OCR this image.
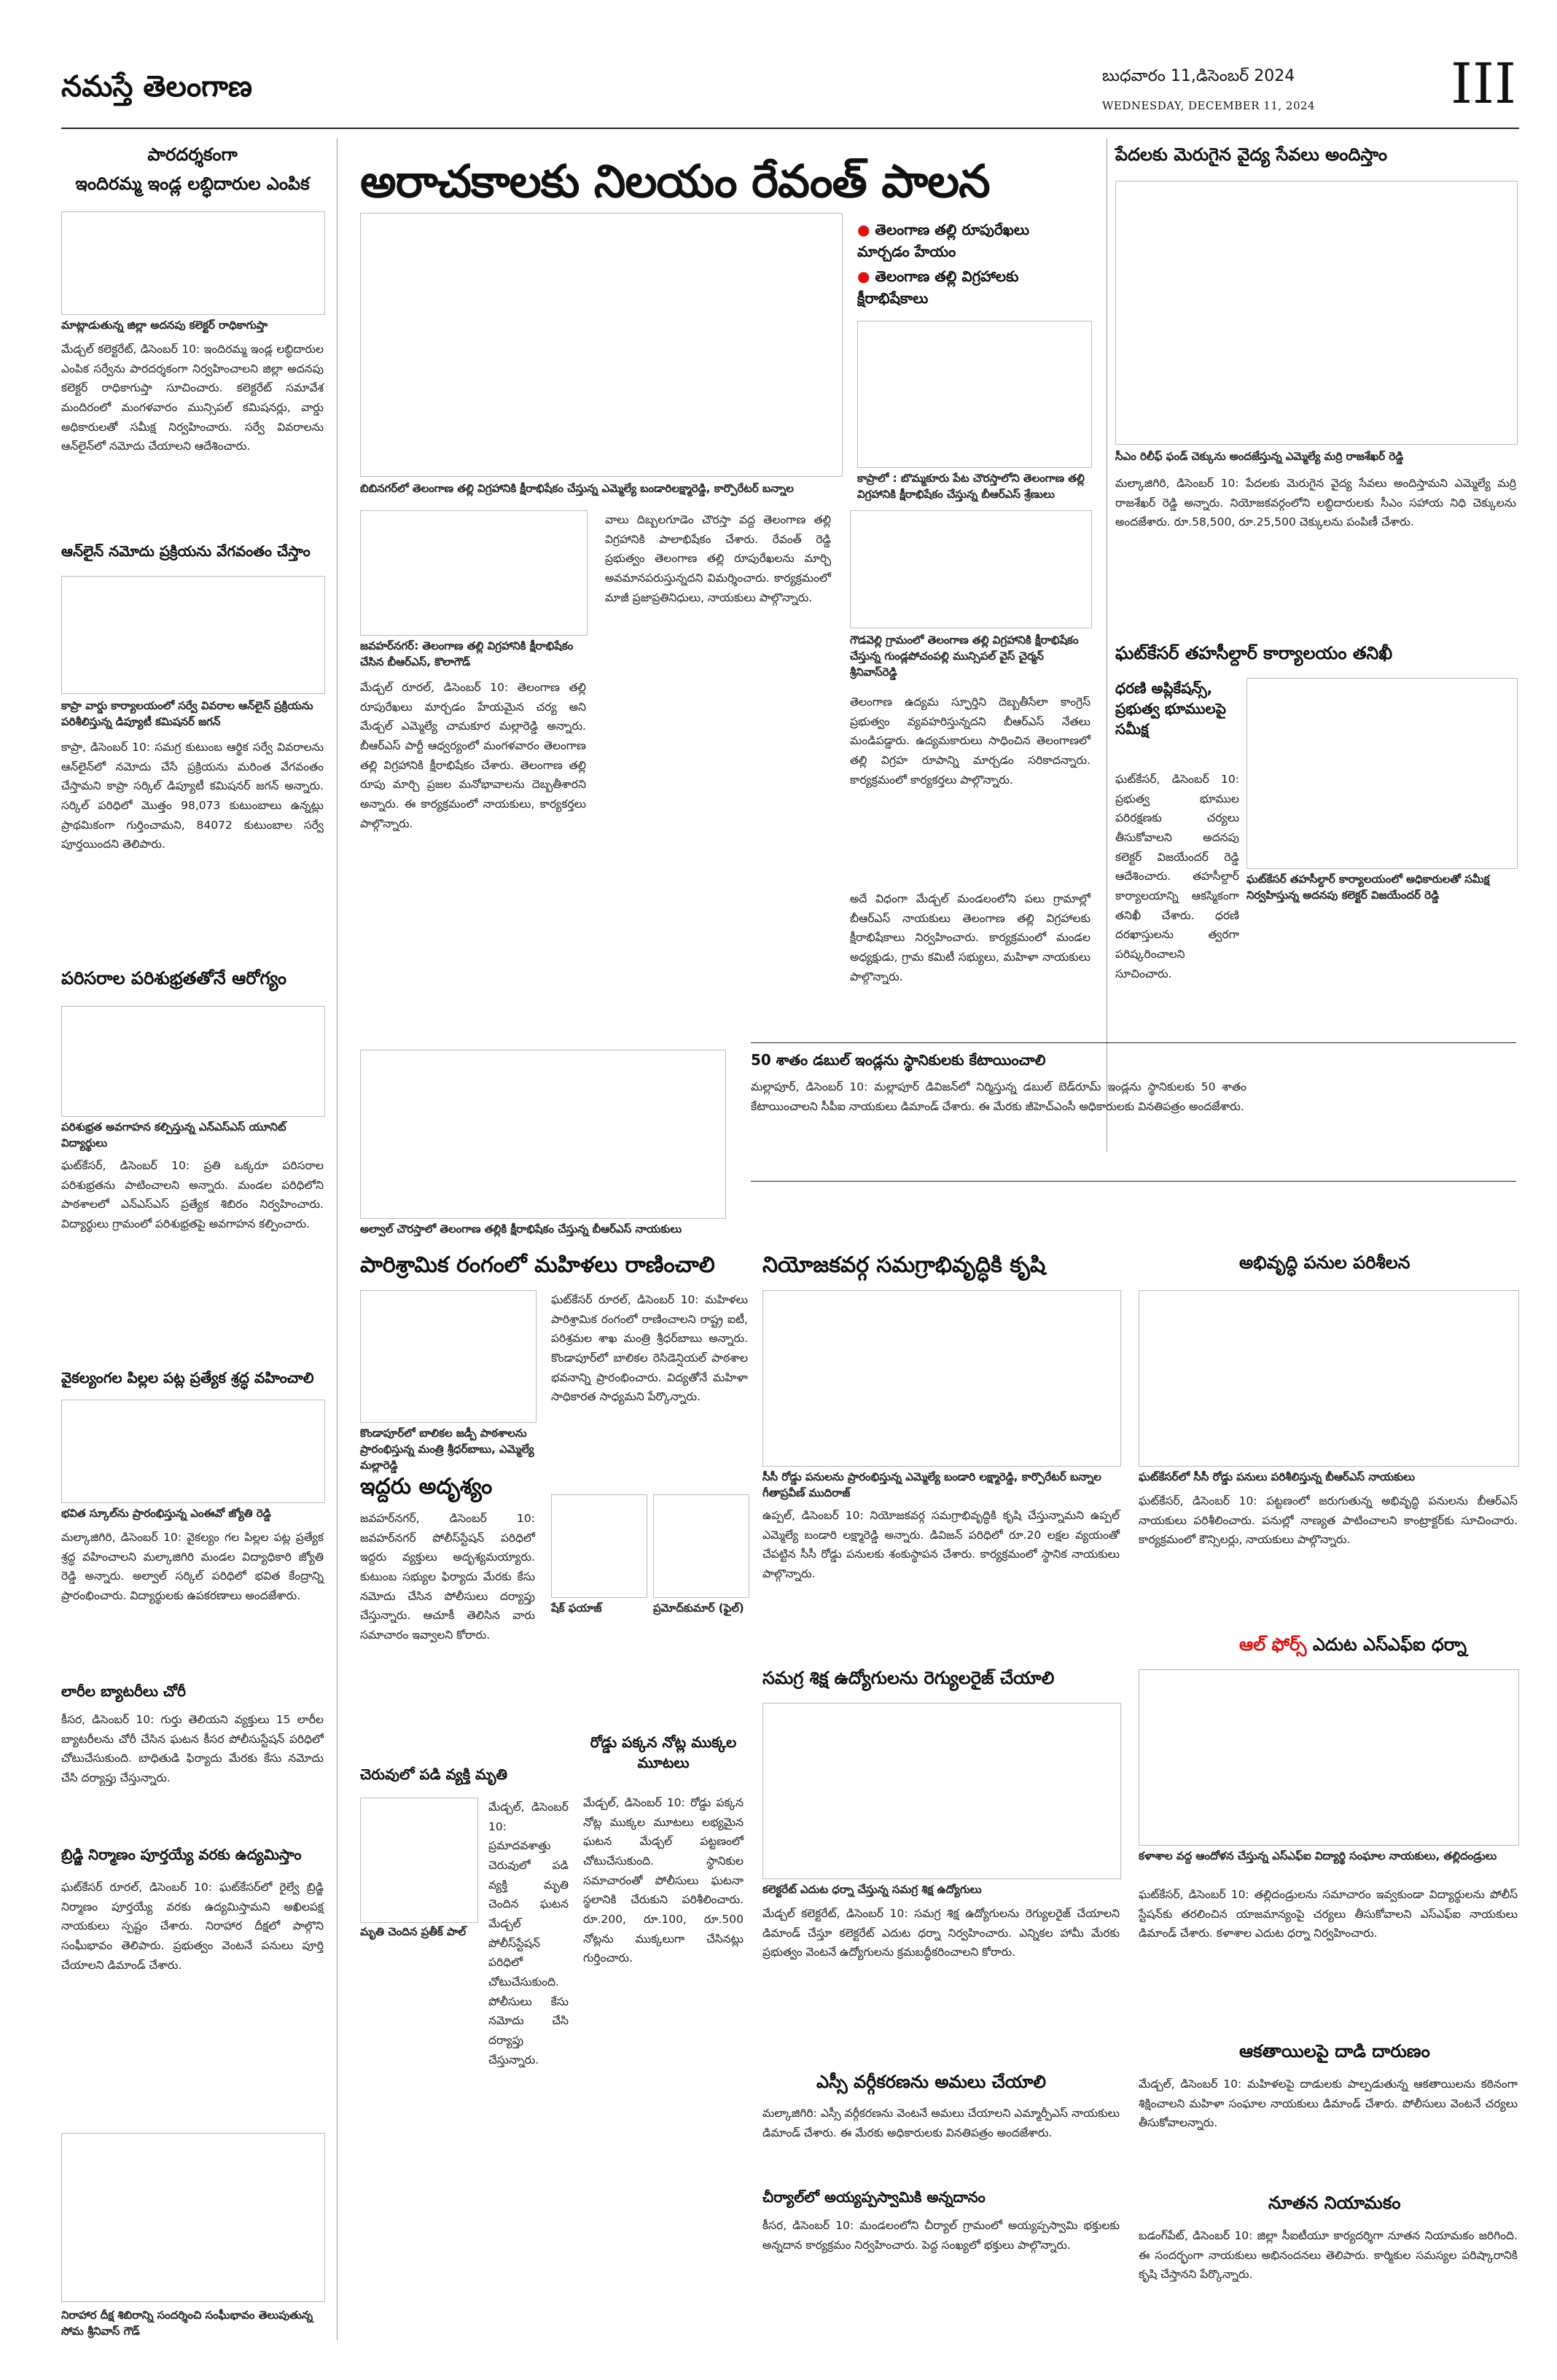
నమస్తే తెలంగాణ	బుధవారం 11,డిసెంబర్ 2024
WEDNESDAY, DECEMBER 11, 2024 III
పారదర్శకంగా
ఇందిరమ్మ ఇండ్ల లబ్ధిదారుల ఎంపిక
మాట్లాడుతున్న జిల్లా అదనపు కలెక్టర్ రాధికాగుప్తా
మేడ్చల్ కలెక్టరేట్, డిసెంబర్ 10: ఇందిరమ్మ ఇండ్ల లబ్ధిదారుల ఎంపిక సర్వేను పారదర్శకంగా నిర్వహించాలని జిల్లా అదనపు కలెక్టర్ రాధికాగుప్తా సూచించారు. కలెక్టరేట్ సమావేశ మందిరంలో మంగళవారం మున్సిపల్ కమిషనర్లు, వార్డు అధికారులతో సమీక్ష నిర్వహించారు. సర్వే వివరాలను ఆన్‌లైన్‌లో నమోదు చేయాలని ఆదేశించారు.
ఆన్‌లైన్ నమోదు ప్రక్రియను వేగవంతం చేస్తాం
కాప్రా వార్డు కార్యాలయంలో సర్వే వివరాల ఆన్‌లైన్ ప్రక్రియను పరిశీలిస్తున్న డిప్యూటీ కమిషనర్ జగన్
కాప్రా, డిసెంబర్ 10: సమగ్ర కుటుంబ ఆర్థిక సర్వే వివరాలను ఆన్‌లైన్‌లో నమోదు చేసే ప్రక్రియను మరింత వేగవంతం చేస్తామని కాప్రా సర్కిల్ డిప్యూటీ కమిషనర్ జగన్ అన్నారు. సర్కిల్ పరిధిలో మొత్తం 98,073 కుటుంబాలు ఉన్నట్లు ప్రాథమికంగా గుర్తించామని, 84072 కుటుంబాల సర్వే పూర్తయిందని తెలిపారు.
పరిసరాల పరిశుభ్రతతోనే ఆరోగ్యం
పరిశుభ్రత అవగాహన కల్పిస్తున్న ఎన్ఎస్ఎస్ యూనిట్ విద్యార్థులు
ఘట్‌కేసర్, డిసెంబర్ 10: ప్రతి ఒక్కరూ పరిసరాల పరిశుభ్రతను పాటించాలని అన్నారు. మండల పరిధిలోని పాఠశాలలో ఎన్ఎస్ఎస్ ప్రత్యేక శిబిరం నిర్వహించారు. విద్యార్థులు గ్రామంలో పరిశుభ్రతపై అవగాహన కల్పించారు.
వైకల్యంగల పిల్లల పట్ల ప్రత్యేక శ్రద్ధ వహించాలి
భవిత స్కూల్‌ను ప్రారంభిస్తున్న ఎంఈవో జ్యోతి రెడ్డి
మల్కాజిగిరి, డిసెంబర్ 10: వైకల్యం గల పిల్లల పట్ల ప్రత్యేక శ్రద్ధ వహించాలని మల్కాజిగిరి మండల విద్యాధికారి జ్యోతి రెడ్డి అన్నారు. అల్వాల్ సర్కిల్ పరిధిలో భవిత కేంద్రాన్ని ప్రారంభించారు. విద్యార్థులకు ఉపకరణాలు అందజేశారు.
లారీల బ్యాటరీలు చోరీ
కీసర, డిసెంబర్ 10: గుర్తు తెలియని వ్యక్తులు 15 లారీల బ్యాటరీలను చోరీ చేసిన ఘటన కీసర పోలీసుస్టేషన్ పరిధిలో చోటుచేసుకుంది. బాధితుడి ఫిర్యాదు మేరకు కేసు నమోదు చేసి దర్యాప్తు చేస్తున్నారు.
బ్రిడ్జి నిర్మాణం పూర్తయ్యే వరకు ఉద్యమిస్తాం
ఘట్‌కేసర్ రూరల్, డిసెంబర్ 10: ఘట్‌కేసర్‌లో రైల్వే బ్రిడ్జి నిర్మాణం పూర్తయ్యే వరకు ఉద్యమిస్తామని అఖిలపక్ష నాయకులు స్పష్టం చేశారు. నిరాహార దీక్షలో పాల్గొని సంఘీభావం తెలిపారు. ప్రభుత్వం వెంటనే పనులు పూర్తి చేయాలని డిమాండ్ చేశారు.
నిరాహార దీక్ష శిబిరాన్ని సందర్శించి సంఘీభావం తెలుపుతున్న సోమ శ్రీనివాస్ గౌడ్
అరాచకాలకు నిలయం రేవంత్ పాలన
● తెలంగాణ తల్లి రూపురేఖలు మార్చడం హేయం
● తెలంగాణ తల్లి విగ్రహాలకు క్షీరాభిషేకాలు
బిబినగర్‌లో తెలంగాణ తల్లి విగ్రహానికి క్షీరాభిషేకం చేస్తున్న ఎమ్మెల్యే బండారిలక్ష్మారెడ్డి, కార్పొరేటర్ బన్నాల
కాప్రా‌లో : బొమ్మకూరు పేట చౌరస్తాలోని తెలంగాణ తల్లి విగ్రహానికి క్షీరాభిషేకం చేస్తున్న బీఆర్ఎస్ శ్రేణులు
జవహర్‌నగర్: తెలంగాణ తల్లి విగ్రహానికి క్షీరాభిషేకం చేసిన బీఆర్ఎస్, కొలాగౌడ్
మేడ్చల్ రూరల్, డిసెంబర్ 10: తెలంగాణ తల్లి రూపురేఖలు మార్చడం హేయమైన చర్య అని మేడ్చల్ ఎమ్మెల్యే చామకూర మల్లారెడ్డి అన్నారు. బీఆర్ఎస్ పార్టీ ఆధ్వర్యంలో మంగళవారం తెలంగాణ తల్లి విగ్రహానికి క్షీరాభిషేకం చేశారు. తెలంగాణ తల్లి రూపు మార్చి ప్రజల మనోభావాలను దెబ్బతీశారని అన్నారు. ఈ కార్యక్రమంలో నాయకులు, కార్యకర్తలు పాల్గొన్నారు.
వాలు దిబ్బలగూడెం చౌరస్తా వద్ద తెలంగాణ తల్లి విగ్రహానికి పాలాభిషేకం చేశారు. రేవంత్ రెడ్డి ప్రభుత్వం తెలంగాణ తల్లి రూపురేఖలను మార్చి అవమానపరుస్తున్నదని విమర్శించారు. కార్యక్రమంలో మాజీ ప్రజాప్రతినిధులు, నాయకులు పాల్గొన్నారు.
గౌడవెల్లి గ్రామంలో తెలంగాణ తల్లి విగ్రహానికి క్షీరాభిషేకం చేస్తున్న గుండ్లపోచంపల్లి మున్సిపల్ వైస్ చైర్మన్ శ్రీనివాస్‌రెడ్డి
తెలంగాణ ఉద్యమ స్ఫూర్తిని దెబ్బతీసేలా కాంగ్రెస్ ప్రభుత్వం వ్యవహరిస్తున్నదని బీఆర్ఎస్ నేతలు మండిపడ్డారు. ఉద్యమకారులు సాధించిన తెలంగాణలో తల్లి విగ్రహ రూపాన్ని మార్చడం సరికాదన్నారు. కార్యక్రమంలో కార్యకర్తలు పాల్గొన్నారు.
అదే విధంగా మేడ్చల్ మండలంలోని పలు గ్రామాల్లో బీఆర్ఎస్ నాయకులు తెలంగాణ తల్లి విగ్రహాలకు క్షీరాభిషేకాలు నిర్వహించారు. కార్యక్రమంలో మండల అధ్యక్షుడు, గ్రామ కమిటీ సభ్యులు, మహిళా నాయకులు పాల్గొన్నారు.
పేదలకు మెరుగైన వైద్య సేవలు అందిస్తాం
సీఎం రిలీఫ్ ఫండ్ చెక్కును అందజేస్తున్న ఎమ్మెల్యే మర్రి రాజశేఖర్ రెడ్డి
మల్కాజిగిరి, డిసెంబర్ 10: పేదలకు మెరుగైన వైద్య సేవలు అందిస్తామని ఎమ్మెల్యే మర్రి రాజశేఖర్ రెడ్డి అన్నారు. నియోజకవర్గంలోని లబ్ధిదారులకు సీఎం సహాయ నిధి చెక్కులను అందజేశారు. రూ.58,500, రూ.25,500 చెక్కులను పంపిణీ చేశారు.
ఘట్‌కేసర్ తహసీల్దార్ కార్యాలయం తనిఖీ
ధరణి అప్లికేషన్స్, ప్రభుత్వ భూములపై సమీక్ష
ఘట్‌కేసర్ తహసీల్దార్ కార్యాలయంలో అధికారులతో సమీక్ష నిర్వహిస్తున్న అదనపు కలెక్టర్ విజయేందర్ రెడ్డి
ఘట్‌కేసర్, డిసెంబర్ 10: ప్రభుత్వ భూముల పరిరక్షణకు చర్యలు తీసుకోవాలని అదనపు కలెక్టర్ విజయేందర్ రెడ్డి ఆదేశించారు. తహసీల్దార్ కార్యాలయాన్ని ఆకస్మికంగా తనిఖీ చేశారు. ధరణి దరఖాస్తులను త్వరగా పరిష్కరించాలని సూచించారు.
50 శాతం డబుల్ ఇండ్లను స్థానికులకు కేటాయించాలి
మల్లాపూర్, డిసెంబర్ 10: మల్లాపూర్ డివిజన్‌లో నిర్మిస్తున్న డబుల్ బెడ్‌రూమ్ ఇండ్లను స్థానికులకు 50 శాతం కేటాయించాలని సీపీఐ నాయకులు డిమాండ్ చేశారు. ఈ మేరకు జీహెచ్ఎంసీ అధికారులకు వినతిపత్రం అందజేశారు.
అల్వాల్ చౌరస్తాలో తెలంగాణ తల్లికి క్షీరాభిషేకం చేస్తున్న బీఆర్ఎస్ నాయకులు
పారిశ్రామిక రంగంలో మహిళలు రాణించాలి
కొండాపూర్‌లో బాలికల జడ్పీ పాఠశాలను ప్రారంభిస్తున్న మంత్రి శ్రీధర్‌బాబు, ఎమ్మెల్యే మల్లారెడ్డి
ఘట్‌కేసర్ రూరల్, డిసెంబర్ 10: మహిళలు పారిశ్రామిక రంగంలో రాణించాలని రాష్ట్ర ఐటీ, పరిశ్రమల శాఖ మంత్రి శ్రీధర్‌బాబు అన్నారు. కొండాపూర్‌లో బాలికల రెసిడెన్షియల్ పాఠశాల భవనాన్ని ప్రారంభించారు. విద్యతోనే మహిళా సాధికారత సాధ్యమని పేర్కొన్నారు.
ఇద్దరు అదృశ్యం
జవహర్‌నగర్, డిసెంబర్ 10: జవహర్‌నగర్ పోలీస్‌స్టేషన్ పరిధిలో ఇద్దరు వ్యక్తులు అదృశ్యమయ్యారు. కుటుంబ సభ్యుల ఫిర్యాదు మేరకు కేసు నమోదు చేసిన పోలీసులు దర్యాప్తు చేస్తున్నారు. ఆచూకీ తెలిసిన వారు సమాచారం ఇవ్వాలని కోరారు.
చెరువులో పడి వ్యక్తి మృతి
మృతి చెందిన ప్రతీక్ పాల్
మేడ్చల్, డిసెంబర్ 10: ప్రమాదవశాత్తు చెరువులో పడి వ్యక్తి మృతి చెందిన ఘటన మేడ్చల్ పోలీస్‌స్టేషన్ పరిధిలో చోటుచేసుకుంది. పోలీసులు కేసు నమోదు చేసి దర్యాప్తు చేస్తున్నారు.
షేక్ ఫయాజ్	ప్రమోద్‌కుమార్ (ఫైల్)
రోడ్డు పక్కన నోట్ల ముక్కల మూటలు
మేడ్చల్, డిసెంబర్ 10: రోడ్డు పక్కన నోట్ల ముక్కల మూటలు లభ్యమైన ఘటన మేడ్చల్ పట్టణంలో చోటుచేసుకుంది. స్థానికుల సమాచారంతో పోలీసులు ఘటనా స్థలానికి చేరుకుని పరిశీలించారు. రూ.200, రూ.100, రూ.500 నోట్లను ముక్కలుగా చేసినట్లు గుర్తించారు.
నియోజకవర్గ సమగ్రాభివృద్ధికి కృషి
సీసీ రోడ్డు పనులను ప్రారంభిస్తున్న ఎమ్మెల్యే బండారి లక్ష్మారెడ్డి, కార్పొరేటర్ బన్నాల గీతాప్రవీణ్ ముదిరాజ్
ఉప్పల్, డిసెంబర్ 10: నియోజకవర్గ సమగ్రాభివృద్ధికి కృషి చేస్తున్నామని ఉప్పల్ ఎమ్మెల్యే బండారి లక్ష్మారెడ్డి అన్నారు. డివిజన్ పరిధిలో రూ.20 లక్షల వ్యయంతో చేపట్టిన సీసీ రోడ్డు పనులకు శంకుస్థాపన చేశారు. కార్యక్రమంలో స్థానిక నాయకులు పాల్గొన్నారు.
సమగ్ర శిక్ష ఉద్యోగులను రెగ్యులరైజ్ చేయాలి
కలెక్టరేట్ ఎదుట ధర్నా చేస్తున్న సమగ్ర శిక్ష ఉద్యోగులు
మేడ్చల్ కలెక్టరేట్, డిసెంబర్ 10: సమగ్ర శిక్ష ఉద్యోగులను రెగ్యులరైజ్ చేయాలని డిమాండ్ చేస్తూ కలెక్టరేట్ ఎదుట ధర్నా నిర్వహించారు. ఎన్నికల హామీ మేరకు ప్రభుత్వం వెంటనే ఉద్యోగులను క్రమబద్ధీకరించాలని కోరారు.
ఎస్సీ వర్గీకరణను అమలు చేయాలి
మల్కాజిగిరి: ఎస్సీ వర్గీకరణను వెంటనే అమలు చేయాలని ఎమ్మార్పీఎస్ నాయకులు డిమాండ్ చేశారు. ఈ మేరకు అధికారులకు వినతిపత్రం అందజేశారు.
చీర్యాల్‌లో అయ్యప్పస్వామికి అన్నదానం
కీసర, డిసెంబర్ 10: మండలంలోని చీర్యాల్ గ్రామంలో అయ్యప్పస్వామి భక్తులకు అన్నదాన కార్యక్రమం నిర్వహించారు. పెద్ద సంఖ్యలో భక్తులు పాల్గొన్నారు.
అభివృద్ధి పనుల పరిశీలన
ఘట్‌కేసర్‌లో సీసీ రోడ్డు పనులు పరిశీలిస్తున్న బీఆర్ఎస్ నాయకులు
ఘట్‌కేసర్, డిసెంబర్ 10: పట్టణంలో జరుగుతున్న అభివృద్ధి పనులను బీఆర్ఎస్ నాయకులు పరిశీలించారు. పనుల్లో నాణ్యత పాటించాలని కాంట్రాక్టర్‌కు సూచించారు. కార్యక్రమంలో కౌన్సిలర్లు, నాయకులు పాల్గొన్నారు.
ఆల్ ఫోర్స్ ఎదుట ఎస్ఎఫ్ఐ ధర్నా
కళాశాల వద్ద ఆందోళన చేస్తున్న ఎస్ఎఫ్ఐ విద్యార్థి సంఘాల నాయకులు, తల్లిదండ్రులు
ఘట్‌కేసర్, డిసెంబర్ 10: తల్లిదండ్రులను సమాచారం ఇవ్వకుండా విద్యార్థులను పోలీస్ స్టేషన్‌కు తరలించిన యాజమాన్యంపై చర్యలు తీసుకోవాలని ఎస్ఎఫ్ఐ నాయకులు డిమాండ్ చేశారు. కళాశాల ఎదుట ధర్నా నిర్వహించారు.
ఆకతాయిలపై దాడి దారుణం
మేడ్చల్, డిసెంబర్ 10: మహిళలపై దాడులకు పాల్పడుతున్న ఆకతాయిలను కఠినంగా శిక్షించాలని మహిళా సంఘాల నాయకులు డిమాండ్ చేశారు. పోలీసులు వెంటనే చర్యలు తీసుకోవాలన్నారు.
నూతన నియామకం
బడంగ్‌పేట్, డిసెంబర్ 10: జిల్లా సీఐటీయూ కార్యదర్శిగా నూతన నియామకం జరిగింది. ఈ సందర్భంగా నాయకులు అభినందనలు తెలిపారు. కార్మికుల సమస్యల పరిష్కారానికి కృషి చేస్తానని పేర్కొన్నారు.
